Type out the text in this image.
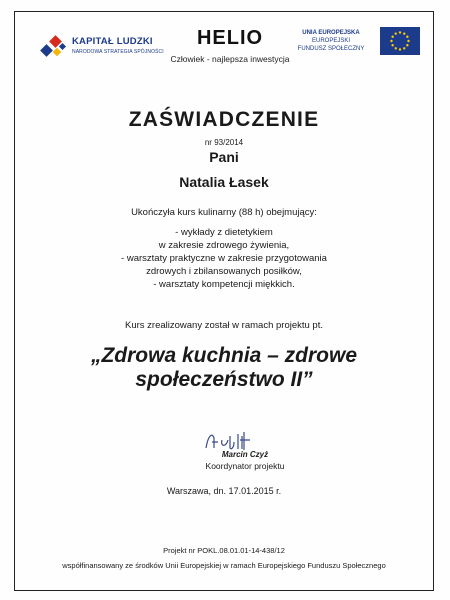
KAPITAŁ LUDZKI
NARODOWA STRATEGIA SPÓJNOŚCI
HELIO
Człowiek - najlepsza inwestycja
UNIA EUROPEJSKA
EUROPEJSKI
FUNDUSZ SPOŁECZNY
ZAŚWIADCZENIE
nr 93/2014
Pani
Natalia Łasek
Ukończyła kurs kulinarny (88 h) obejmujący:
- wykłady z dietetykiem
w zakresie zdrowego żywienia,
- warsztaty praktyczne w zakresie przygotowania
zdrowych i zbilansowanych posiłków,
- warsztaty kompetencji miękkich.
Kurs zrealizowany został w ramach projektu pt.
„Zdrowa kuchnia – zdrowe
społeczeństwo II”
Marcin Czyż
Koordynator projektu
Warszawa, dn. 17.01.2015 r.
Projekt nr POKL.08.01.01-14-438/12
współfinansowany ze środków Unii Europejskiej w ramach Europejskiego Funduszu Społecznego
